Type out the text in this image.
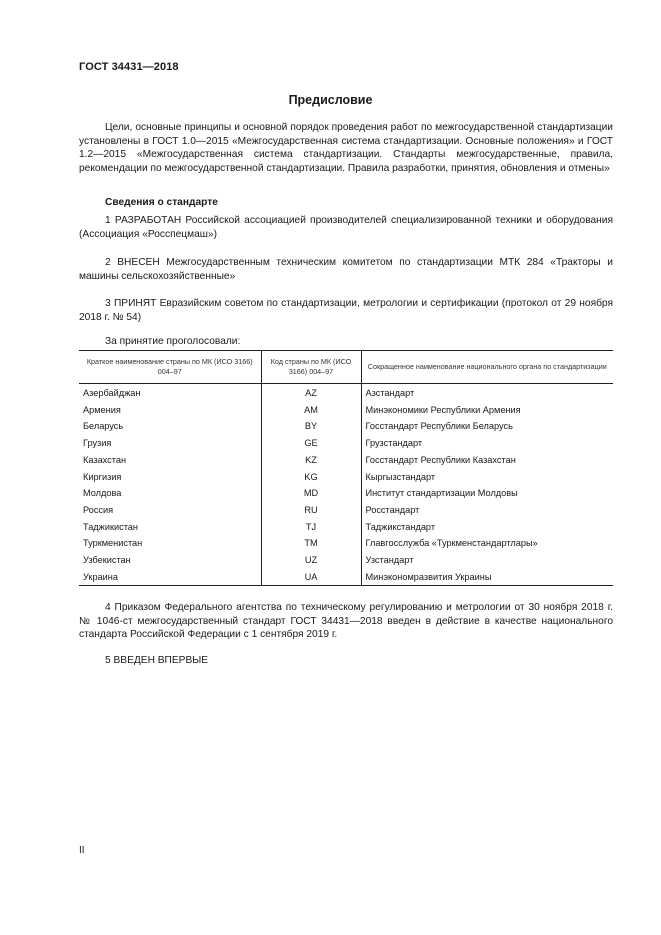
ГОСТ 34431—2018
Предисловие
Цели, основные принципы и основной порядок проведения работ по межгосударственной стандартизации установлены в ГОСТ 1.0—2015 «Межгосударственная система стандартизации. Основные положения» и ГОСТ 1.2—2015 «Межгосударственная система стандартизации. Стандарты межгосударственные, правила, рекомендации по межгосударственной стандартизации. Правила разработки, принятия, обновления и отмены»
Сведения о стандарте
1 РАЗРАБОТАН Российской ассоциацией производителей специализированной техники и оборудования (Ассоциация «Росспецмаш»)
2 ВНЕСЕН Межгосударственным техническим комитетом по стандартизации МТК 284 «Тракторы и машины сельскохозяйственные»
3 ПРИНЯТ Евразийским советом по стандартизации, метрологии и сертификации (протокол от 29 ноября 2018 г. № 54)
За принятие проголосовали:
Краткое наименование страны по МК (ИСО 3166) 004–97	Код страны по МК (ИСО 3166) 004–97	Сокращенное наименование национального органа по стандартизации
Азербайджан	AZ	Азстандарт
Армения	AM	Минэкономики Республики Армения
Беларусь	BY	Госстандарт Республики Беларусь
Грузия	GE	Грузстандарт
Казахстан	KZ	Госстандарт Республики Казахстан
Киргизия	KG	Кыргызстандарт
Молдова	MD	Институт стандартизации Молдовы
Россия	RU	Росстандарт
Таджикистан	TJ	Таджикстандарт
Туркменистан	TM	Главгосслужба «Туркменстандартлары»
Узбекистан	UZ	Узстандарт
Украина	UA	Минэкономразвития Украины
4 Приказом Федерального агентства по техническому регулированию и метрологии от 30 ноября 2018 г. № 1046-ст межгосударственный стандарт ГОСТ 34431—2018 введен в действие в качестве национального стандарта Российской Федерации с 1 сентября 2019 г.
5 ВВЕДЕН ВПЕРВЫЕ
II
